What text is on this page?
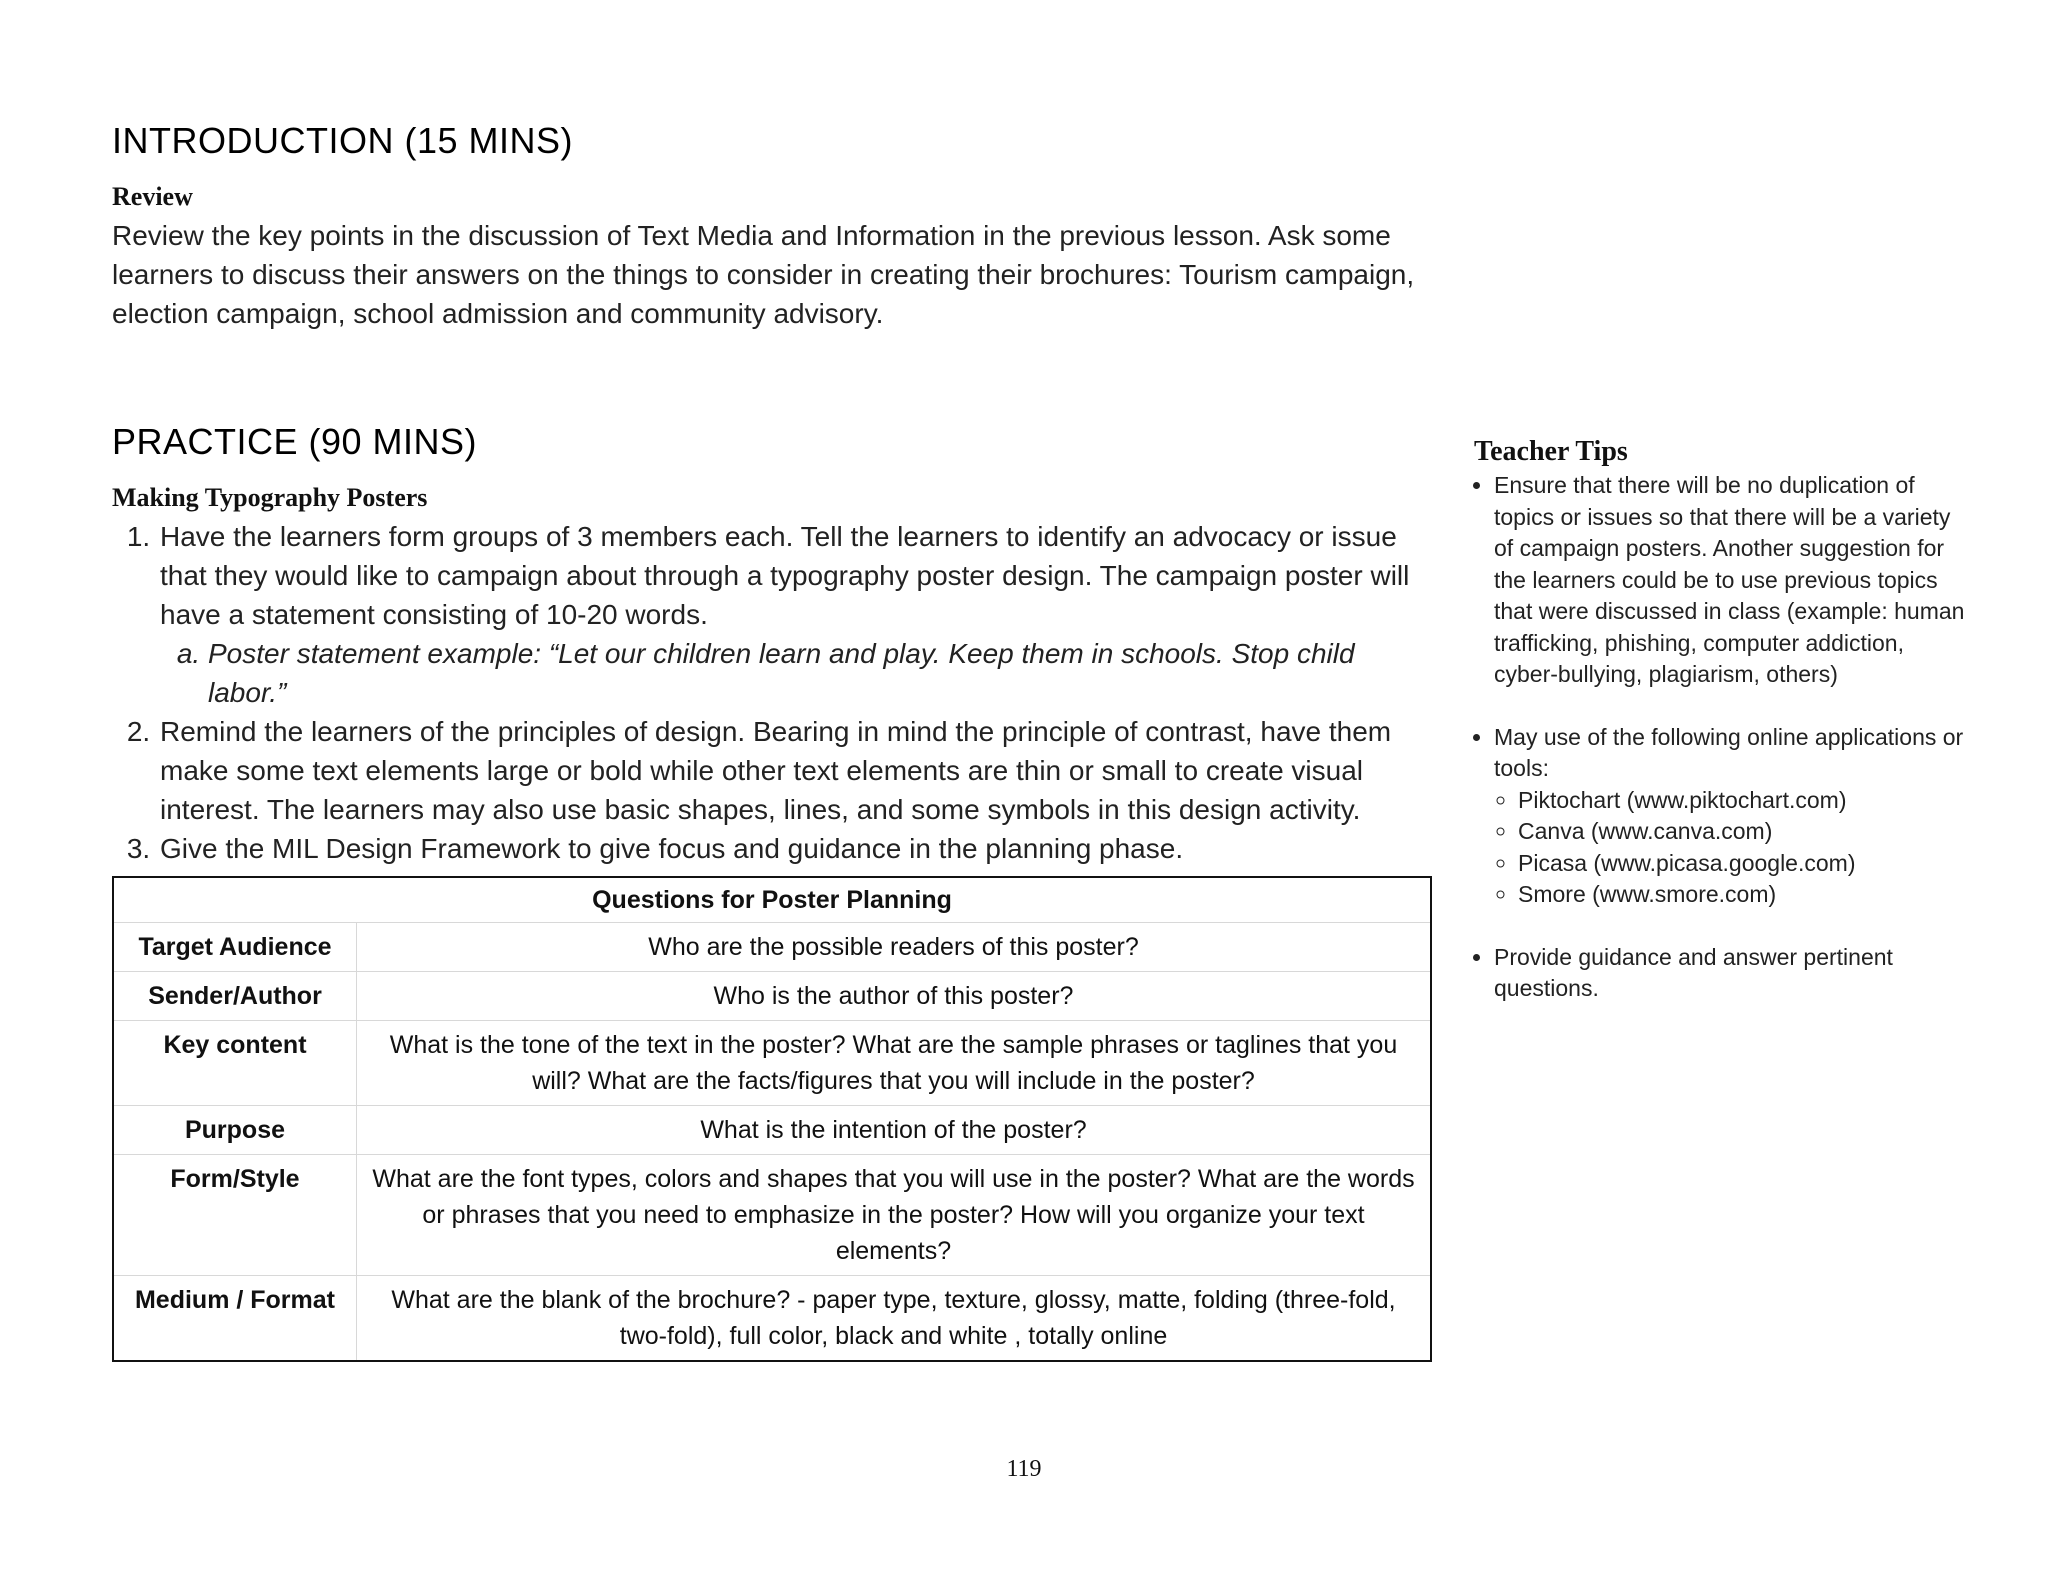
INTRODUCTION (15 MINS)
Review

Review the key points in the discussion of Text Media and Information in the previous lesson. Ask some learners to discuss their answers on the things to consider in creating their brochures: Tourism campaign, election campaign, school admission and community advisory.

PRACTICE (90 MINS)
Making Typography Posters
1. Have the learners form groups of 3 members each. Tell the learners to identify an advocacy or issue that they would like to campaign about through a typography poster design. The campaign poster will have a statement consisting of 10-20 words.
a. Poster statement example: “Let our children learn and play. Keep them in schools. Stop child labor.”
2. Remind the learners of the principles of design. Bearing in mind the principle of contrast, have them make some text elements large or bold while other text elements are thin or small to create visual interest. The learners may also use basic shapes, lines, and some symbols in this design activity.
3. Give the MIL Design Framework to give focus and guidance in the planning phase.
Questions for Poster Planning	
Target Audience	Who are the possible readers of this poster?
Sender/Author	Who is the author of this poster?
Key content	What is the tone of the text in the poster? What are the sample phrases or taglines that you will? What are the facts/figures that you will include in the poster?
Purpose	What is the intention of the poster?
Form/Style	What are the font types, colors and shapes that you will use in the poster? What are the words or phrases that you need to emphasize in the poster? How will you organize your text elements?
Medium / Format	What are the blank of the brochure? - paper type, texture, glossy, matte, folding (three-fold, two-fold), full color, black and white , totally online
Teacher Tips
• Ensure that there will be no duplication of topics or issues so that there will be a variety of campaign posters. Another suggestion for the learners could be to use previous topics that were discussed in class (example: human trafficking, phishing, computer addiction, cyber-bullying, plagiarism, others)
• May use of the following online applications or tools:
◦ Piktochart (www.piktochart.com)
◦ Canva (www.canva.com)
◦ Picasa (www.picasa.google.com)
◦ Smore (www.smore.com)
• Provide guidance and answer pertinent questions.
119
